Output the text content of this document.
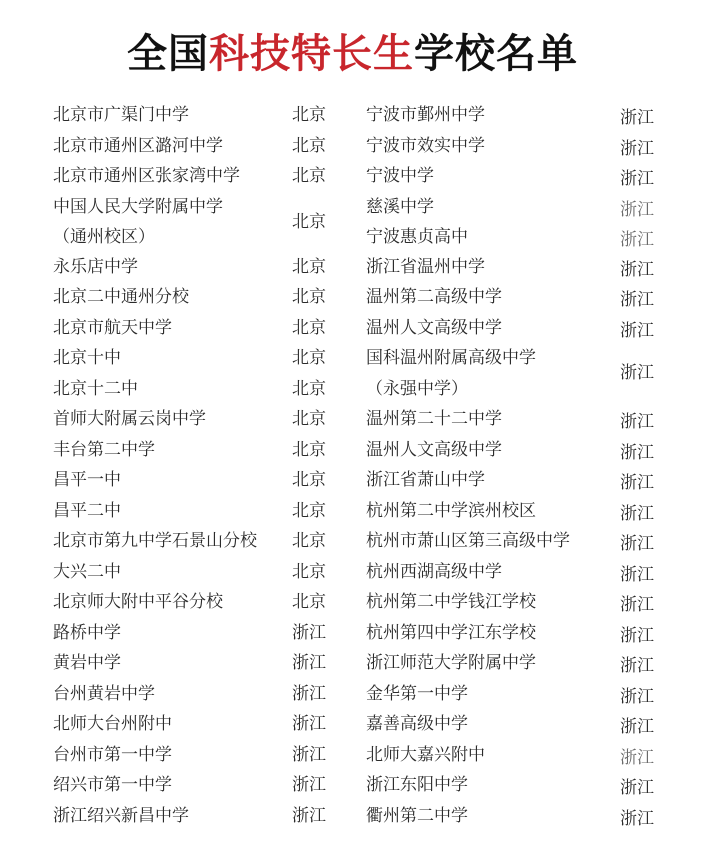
全国科技特长生学校名单
北京市广渠门中学	北京
北京市通州区潞河中学	北京
北京市通州区张家湾中学	北京
中国人民大学附属中学
（通州校区）
北京
永乐店中学	北京
北京二中通州分校	北京
北京市航天中学	北京
北京十中	北京
北京十二中	北京
首师大附属云岗中学	北京
丰台第二中学	北京
昌平一中	北京
昌平二中	北京
北京市第九中学石景山分校 北京
大兴二中	北京
北京师大附中平谷分校	北京
路桥中学	浙江
黄岩中学	浙江
台州黄岩中学	浙江
北师大台州附中	浙江
台州市第一中学	浙江
绍兴市第一中学	浙江
浙江绍兴新昌中学	浙江
宁波市鄞州中学	浙江
宁波市效实中学	浙江
宁波中学	浙江
慈溪中学	浙江
宁波惠贞高中	浙江
浙江省温州中学	浙江
温州第二高级中学	浙江
温州人文高级中学	浙江
国科温州附属高级中学
（永强中学）
浙江
温州第二十二中学	浙江
温州人文高级中学	浙江
浙江省萧山中学	浙江
杭州第二中学滨州校区	浙江
杭州市萧山区第三高级中学	浙江
杭州西湖高级中学	浙江
杭州第二中学钱江学校	浙江
杭州第四中学江东学校	浙江
浙江师范大学附属中学	浙江
金华第一中学	浙江
嘉善高级中学	浙江
北师大嘉兴附中	浙江
浙江东阳中学	浙江
衢州第二中学	浙江
